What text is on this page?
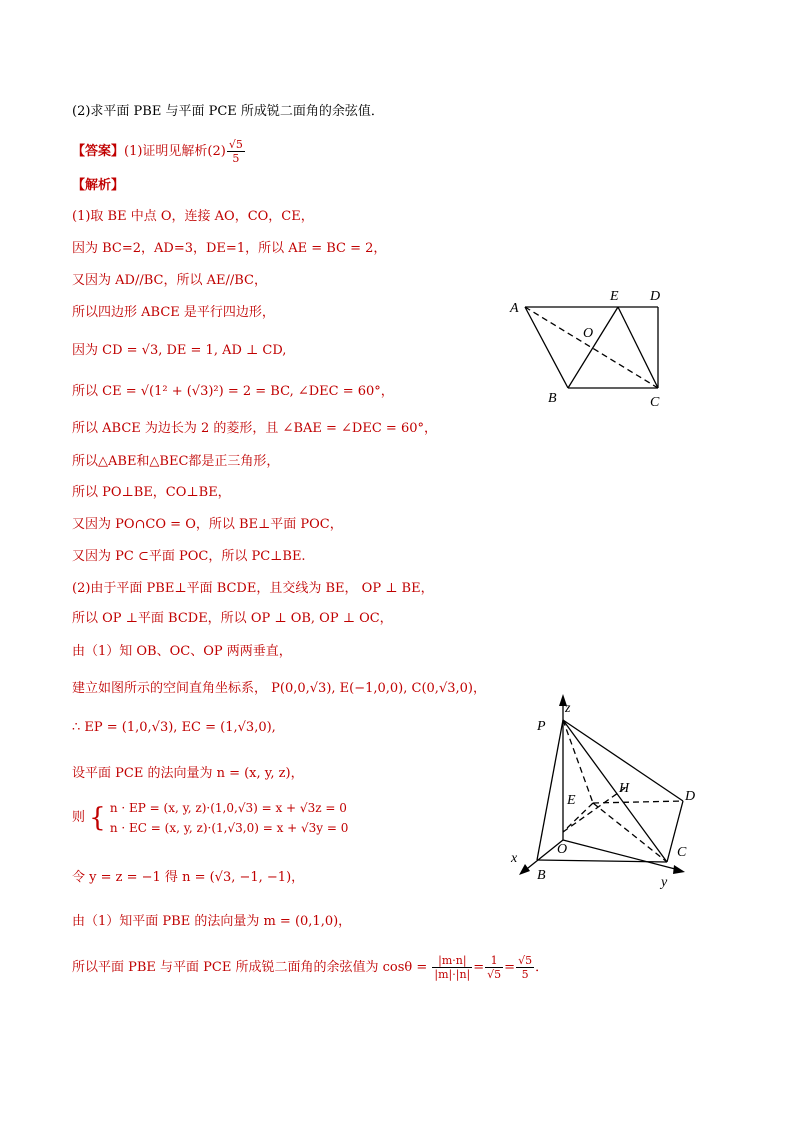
(2)求平面 PBE 与平面 PCE 所成锐二面角的余弦值．
【答案】(1)证明见解析$(2) \frac{√5}{5}$
【解析】
(1)取 BE 中点 O，连接 AO，CO，CE，
因为 BC=2，AD=3，DE=1，所以 AE = BC = 2，
又因为 AD//BC，所以 AE//BC，
所以四边形 ABCE 是平行四边形，
因为 CD = √3, DE = 1, AD ⊥ CD,
所以 CE = √(1² + (√3)²) = 2 = BC, ∠DEC = 60°，
所以 ABCE 为边长为 2 的菱形，且 ∠BAE = ∠DEC = 60°，
所以△ABE和△BEC都是正三角形，
所以 PO⊥BE，CO⊥BE，
又因为 PO∩CO = O，所以 BE⊥平面 POC，
又因为 PC ⊂平面 POC，所以 PC⊥BE.
(2)由于平面 PBE⊥平面 BCDE，且交线为 BE， OP ⊥ BE，
所以 OP ⊥平面 BCDE，所以 OP ⊥ OB, OP ⊥ OC，
由（1）知 OB、OC、OP 两两垂直，
建立如图所示的空间直角坐标系， P(0,0,√3), E(−1,0,0), C(0,√3,0)，
∴ EP = (1,0,√3), EC = (1,√3,0),
设平面 PCE 的法向量为 n = (x, y, z)，
则 { n · EP = (x, y, z)·(1,0,√3) = x + √3z = 0
n · EC = (x, y, z)·(1,√3,0) = x + √3y = 0
令 y = z = −1 得 n = (√3, −1, −1)，
由（1）知平面 PBE 的法向量为 m = (0,1,0)，
所以平面 PBE 与平面 PCE 所成锐二面角的余弦值为 $\cos\theta = \frac{|m\cdot n|}{|m|\cdot|n|} = \frac{1}{√5} = \frac{√5}{5}$ ．
A
E D
O
B	C
z
P
H
E	D
O	C
x
B	y
